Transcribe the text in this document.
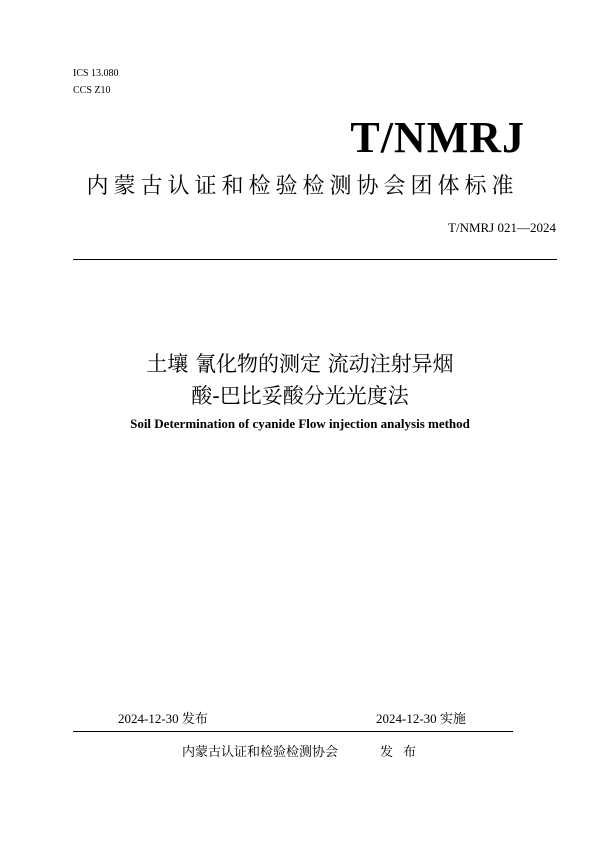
ICS 13.080
CCS Z10
T/NMRJ
内蒙古认证和检验检测协会团体标准
T/NMRJ 021—2024
土壤 氰化物的测定 流动注射异烟
酸-巴比妥酸分光光度法
Soil Determination of cyanide Flow injection analysis method
2024-12-30 发布	2024-12-30 实施
内蒙古认证和检验检测协会	发布
